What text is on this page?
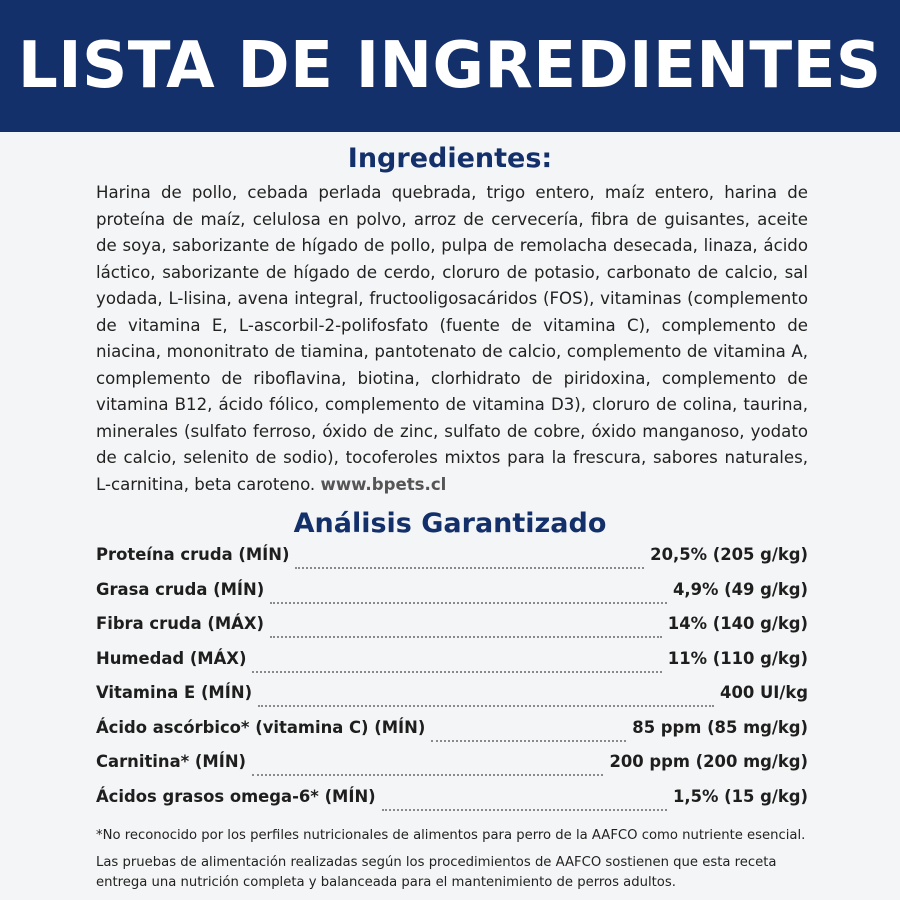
LISTA DE INGREDIENTES
Ingredientes:

Harina de pollo, cebada perlada quebrada, trigo entero, maíz entero, harina de proteína de maíz, celulosa en polvo, arroz de cervecería, fibra de guisantes, aceite de soya, saborizante de hígado de pollo, pulpa de remolacha desecada, linaza, ácido láctico, saborizante de hígado de cerdo, cloruro de potasio, carbonato de calcio, sal yodada, L-lisina, avena integral, fructooligosacáridos (FOS), vitaminas (complemento de vitamina E, L-ascorbil-2-polifosfato (fuente de vitamina C), complemento de niacina, mononitrato de tiamina, pantotenato de calcio, complemento de vitamina A, complemento de riboflavina, biotina, clorhidrato de piridoxina, complemento de vitamina B12, ácido fólico, complemento de vitamina D3), cloruro de colina, taurina, minerales (sulfato ferroso, óxido de zinc, sulfato de cobre, óxido manganoso, yodato de calcio, selenito de sodio), tocoferoles mixtos para la frescura, sabores naturales, L-carnitina, beta caroteno. www.bpets.cl

Análisis Garantizado
Proteína cruda (MÍN)	20,5% (205 g/kg)
Grasa cruda (MÍN)	4,9% (49 g/kg)
Fibra cruda (MÁX)	14% (140 g/kg)
Humedad (MÁX)	11% (110 g/kg)
Vitamina E (MÍN)	400 UI/kg
Ácido ascórbico* (vitamina C) (MÍN)	85 ppm (85 mg/kg)
Carnitina* (MÍN)	200 ppm (200 mg/kg)
Ácidos grasos omega-6* (MÍN)	1,5% (15 g/kg)

*No reconocido por los perfiles nutricionales de alimentos para perro de la AAFCO como nutriente esencial.

Las pruebas de alimentación realizadas según los procedimientos de AAFCO sostienen que esta receta entrega una nutrición completa y balanceada para el mantenimiento de perros adultos.
